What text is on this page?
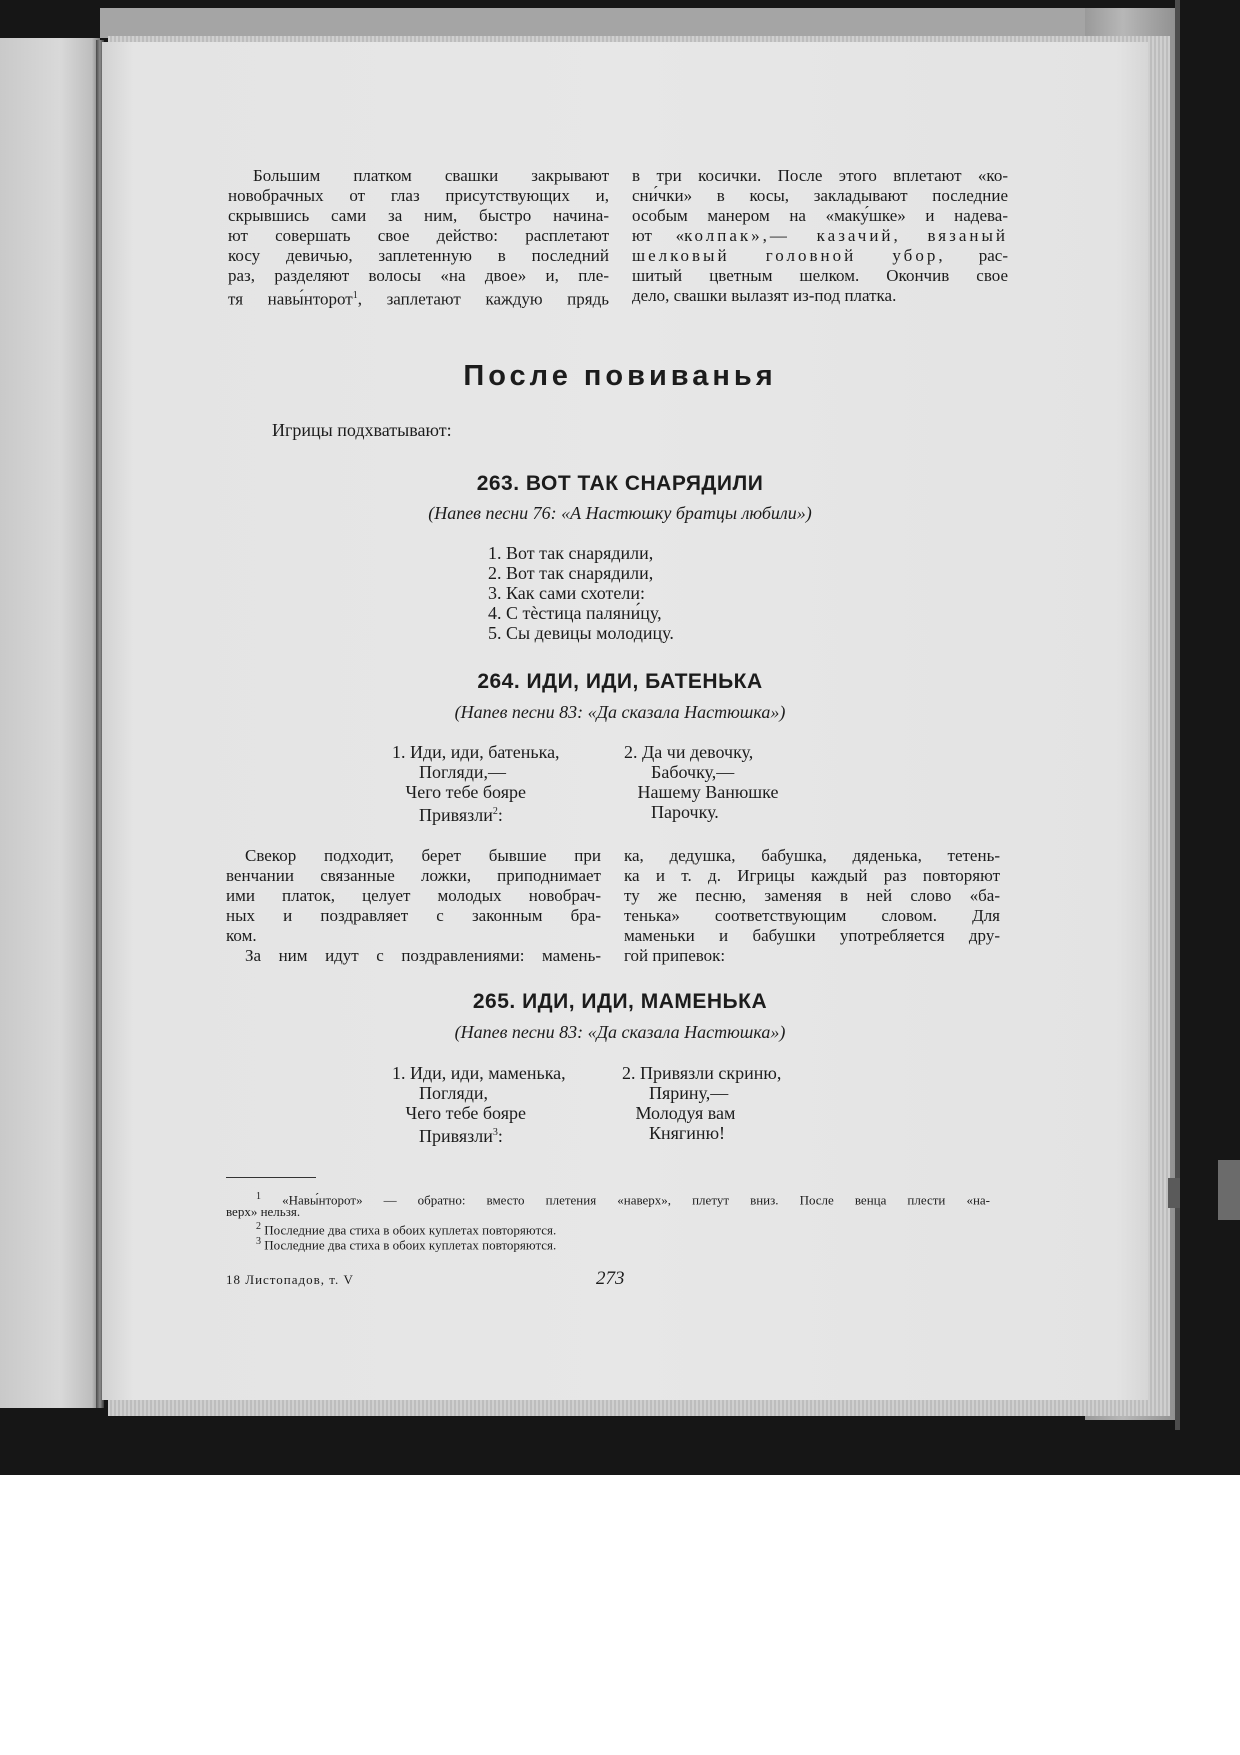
Большим платком свашки закрывают
новобрачных от глаз присутствующих и,
скрывшись сами за ним, быстро начина-
ют совершать свое действо: расплетают
косу девичью, заплетенную в последний
раз, разделяют волосы «на двое» и, пле-
тя навы́нторот$^1$, заплетают каждую прядь
в три косички. После этого вплетают «ко-
сни́чки» в косы, закладывают последние
особым манером на «маку́шке» и надева-
ют «колпак»,— казачий, вязаный
шелковый головной убор, рас-
шитый цветным шелком. Окончив свое
дело, свашки вылазят из-под платка.
После повиванья
Игрицы подхватывают:
263. ВОТ ТАК СНАРЯДИЛИ
(Напев песни 76: «А Настюшку братцы любили»)
1. Вот так снарядили,
2. Вот так снарядили,
3. Как сами схотели:
4. С тѐстица паляни́цу,
5. Сы девицы молодицу.
264. ИДИ, ИДИ, БАТЕНЬКА
(Напев песни 83: «Да сказала Настюшка»)
1. Иди, иди, батенька,
Погляди,—
Чего тебе бояре
Привязли$^2$:
2. Да чи девочку,
Бабочку,—
Нашему Ванюшке
Парочку.
Свекор подходит, берет бывшие при
венчании связанные ложки, приподнимает
ими платок, целует молодых новобрач-
ных и поздравляет с законным бра-
ком.
За ним идут с поздравлениями: мамень-
ка, дедушка, бабушка, дяденька, тетень-
ка и т. д. Игрицы каждый раз повторяют
ту же песню, заменяя в ней слово «ба-
тенька» соответствующим словом. Для
маменьки и бабушки употребляется дру-
гой припевок:
265. ИДИ, ИДИ, МАМЕНЬКА
(Напев песни 83: «Да сказала Настюшка»)
1. Иди, иди, маменька,
Погляди,
Чего тебе бояре
Привязли$^3$:
2. Привязли скриню,
Пярину,—
Молодуя вам
Княгиню!
$^1$ «Навы́нторот» — обратно: вместо плетения «наверх», плетут вниз. После венца плести «на-
верх» нельзя.
$^2$ Последние два стиха в обоих куплетах повторяются.
$^3$ Последние два стиха в обоих куплетах повторяются.
18 Листопадов, т. V	273
